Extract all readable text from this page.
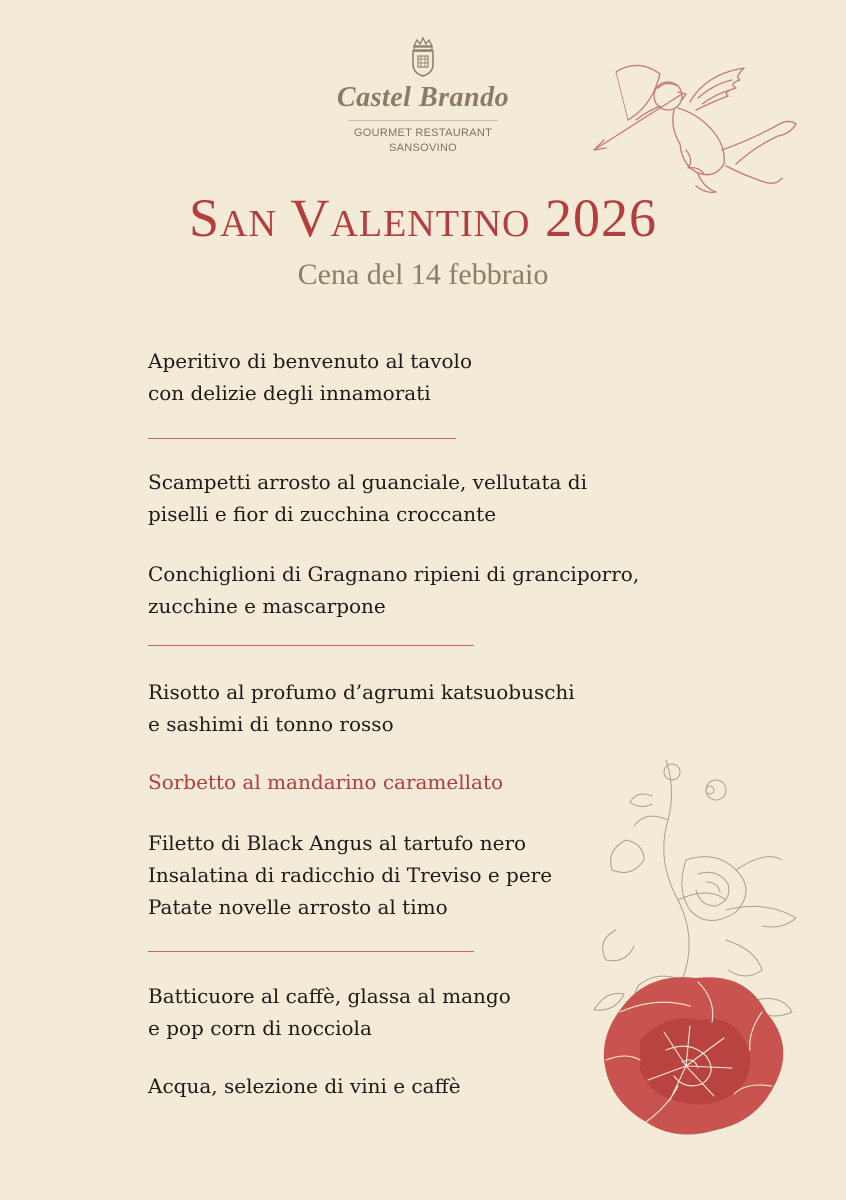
Castel Brando
GOURMET RESTAURANT
SANSOVINO
San Valentino 2026
Cena del 14 febbraio
Aperitivo di benvenuto al tavolo
con delizie degli innamorati
Scampetti arrosto al guanciale, vellutata di
piselli e fior di zucchina croccante
Conchiglioni di Gragnano ripieni di granciporro,
zucchine e mascarpone
Risotto al profumo d’agrumi katsuobuschi
e sashimi di tonno rosso
Sorbetto al mandarino caramellato
Filetto di Black Angus al tartufo nero
Insalatina di radicchio di Treviso e pere
Patate novelle arrosto al timo
Batticuore al caffè, glassa al mango
e pop corn di nocciola
Acqua, selezione di vini e caffè
